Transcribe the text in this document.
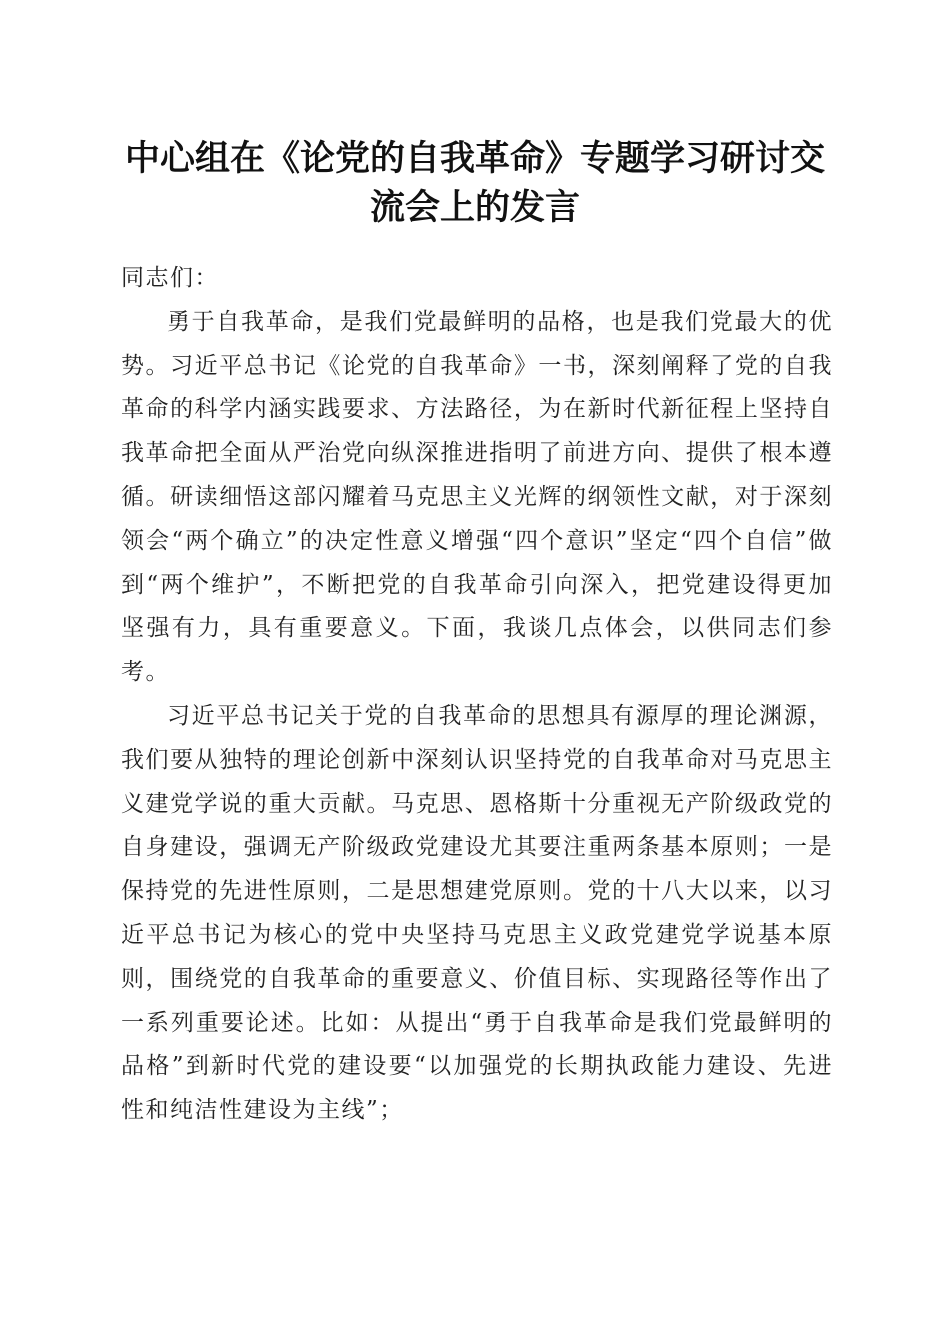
中心组在《论党的自我革命》专题学习研讨交
流会上的发言

同志们：

勇于自我革命，是我们党最鲜明的品格，也是我们党最大的优势。习近平总书记《论党的自我革命》一书，深刻阐释了党的自我革命的科学内涵实践要求、方法路径，为在新时代新征程上坚持自我革命把全面从严治党向纵深推进指明了前进方向、提供了根本遵循。研读细悟这部闪耀着马克思主义光辉的纲领性文献，对于深刻领会“两个确立”的决定性意义增强“四个意识”坚定“四个自信”做到“两个维护”，不断把党的自我革命引向深入，把党建设得更加坚强有力，具有重要意义。下面，我谈几点体会，以供同志们参考。

习近平总书记关于党的自我革命的思想具有源厚的理论渊源，我们要从独特的理论创新中深刻认识坚持党的自我革命对马克思主义建党学说的重大贡献。马克思、恩格斯十分重视无产阶级政党的自身建设，强调无产阶级政党建设尤其要注重两条基本原则；一是保持党的先进性原则，二是思想建党原则。党的十八大以来，以习近平总书记为核心的党中央坚持马克思主义政党建党学说基本原则，围绕党的自我革命的重要意义、价值目标、实现路径等作出了一系列重要论述。比如：从提出“勇于自我革命是我们党最鲜明的品格”到新时代党的建设要“以加强党的长期执政能力建设、先进性和纯洁性建设为主线”；
